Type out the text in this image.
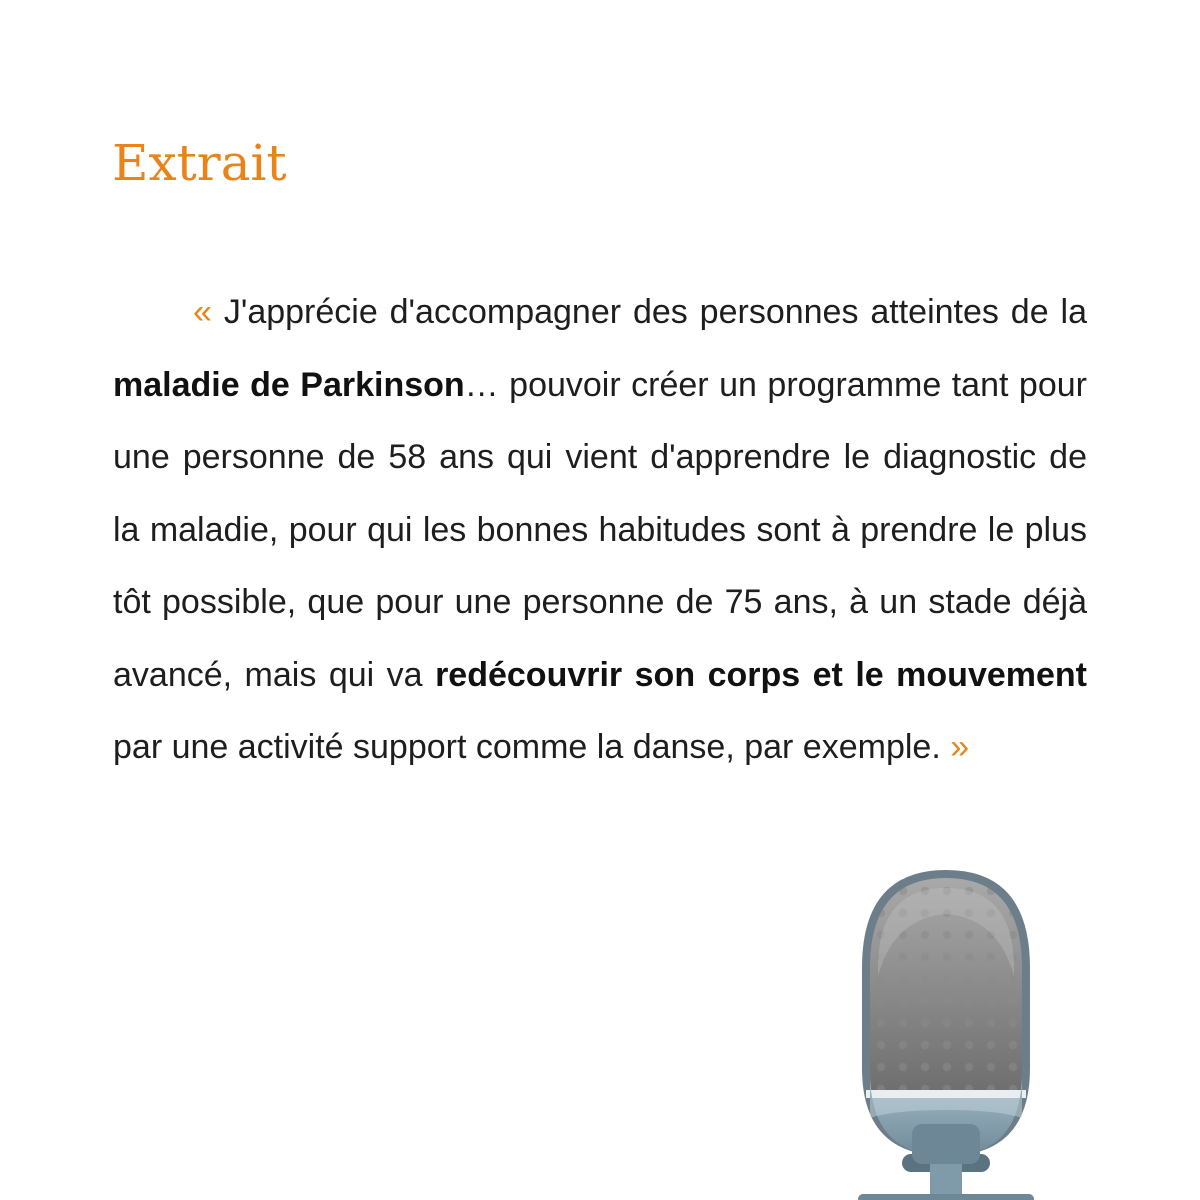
Extrait

« J'apprécie d'accompagner des personnes atteintes de la maladie de Parkinson… pouvoir créer un programme tant pour une personne de 58 ans qui vient d'apprendre le diagnostic de la maladie, pour qui les bonnes habitudes sont à prendre le plus tôt possible, que pour une personne de 75 ans, à un stade déjà avancé, mais qui va redécouvrir son corps et le mouvement par une activité support comme la danse, par exemple. »
